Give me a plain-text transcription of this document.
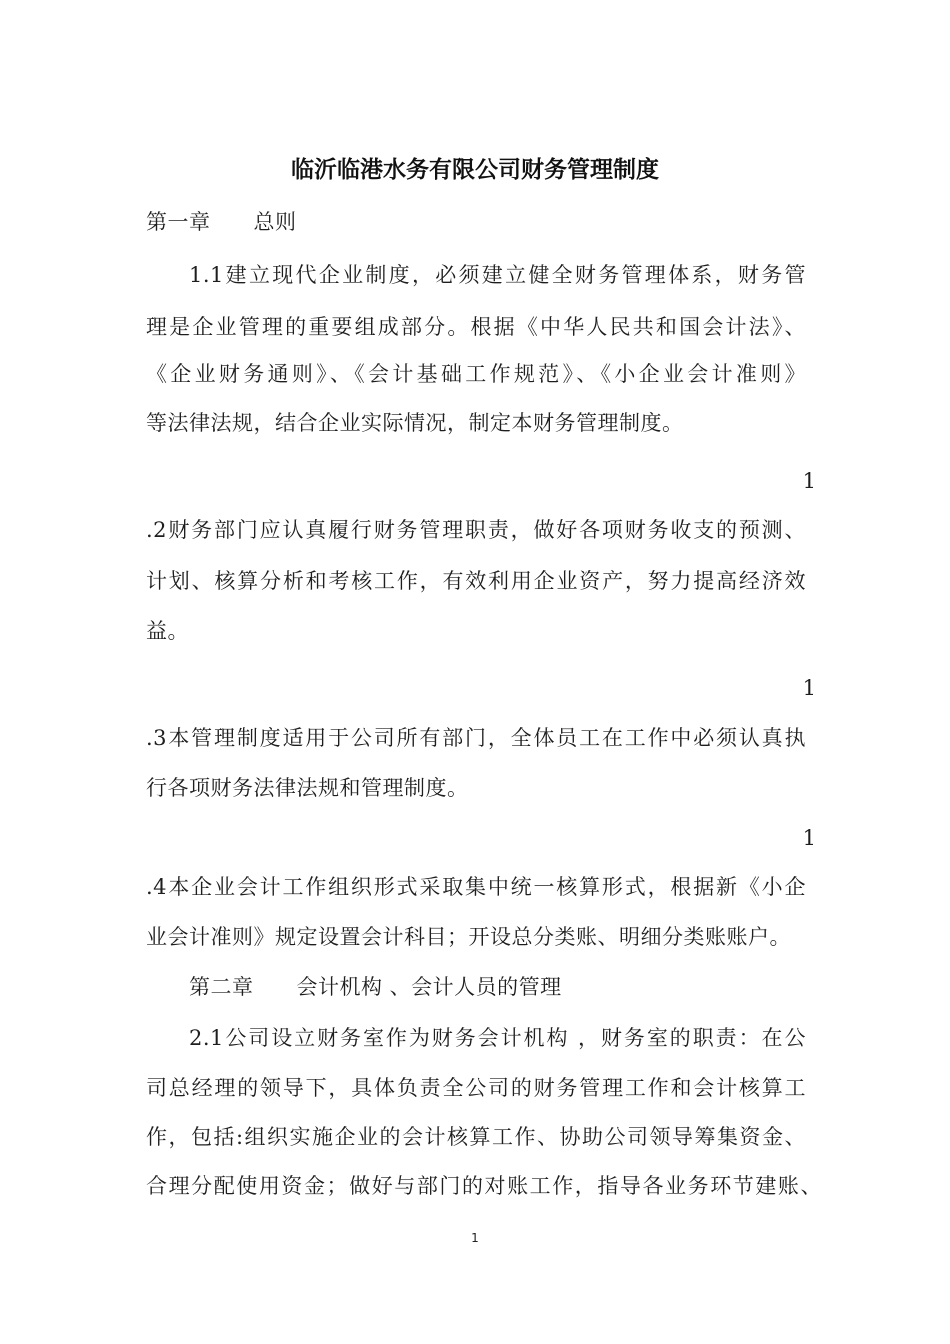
临沂临港水务有限公司财务管理制度
第一章　　总则
1.1建立现代企业制度，必须建立健全财务管理体系，财务管
理是企业管理的重要组成部分。根据《中华人民共和国会计法》、
《企业财务通则》、《会计基础工作规范》、《小企业会计准则》
等法律法规，结合企业实际情况，制定本财务管理制度。
1
.2财务部门应认真履行财务管理职责，做好各项财务收支的预测、
计划、核算分析和考核工作，有效利用企业资产，努力提高经济效
益。
1
.3本管理制度适用于公司所有部门，全体员工在工作中必须认真执
行各项财务法律法规和管理制度。
1
.4本企业会计工作组织形式采取集中统一核算形式，根据新《小企
业会计准则》规定设置会计科目；开设总分类账、明细分类账账户。
第二章　　会计机构 、会计人员的管理
2.1公司设立财务室作为财务会计机构 ，财务室的职责：在公
司总经理的领导下，具体负责全公司的财务管理工作和会计核算工
作，包括:组织实施企业的会计核算工作、协助公司领导筹集资金、
合理分配使用资金；做好与部门的对账工作，指导各业务环节建账、
1
